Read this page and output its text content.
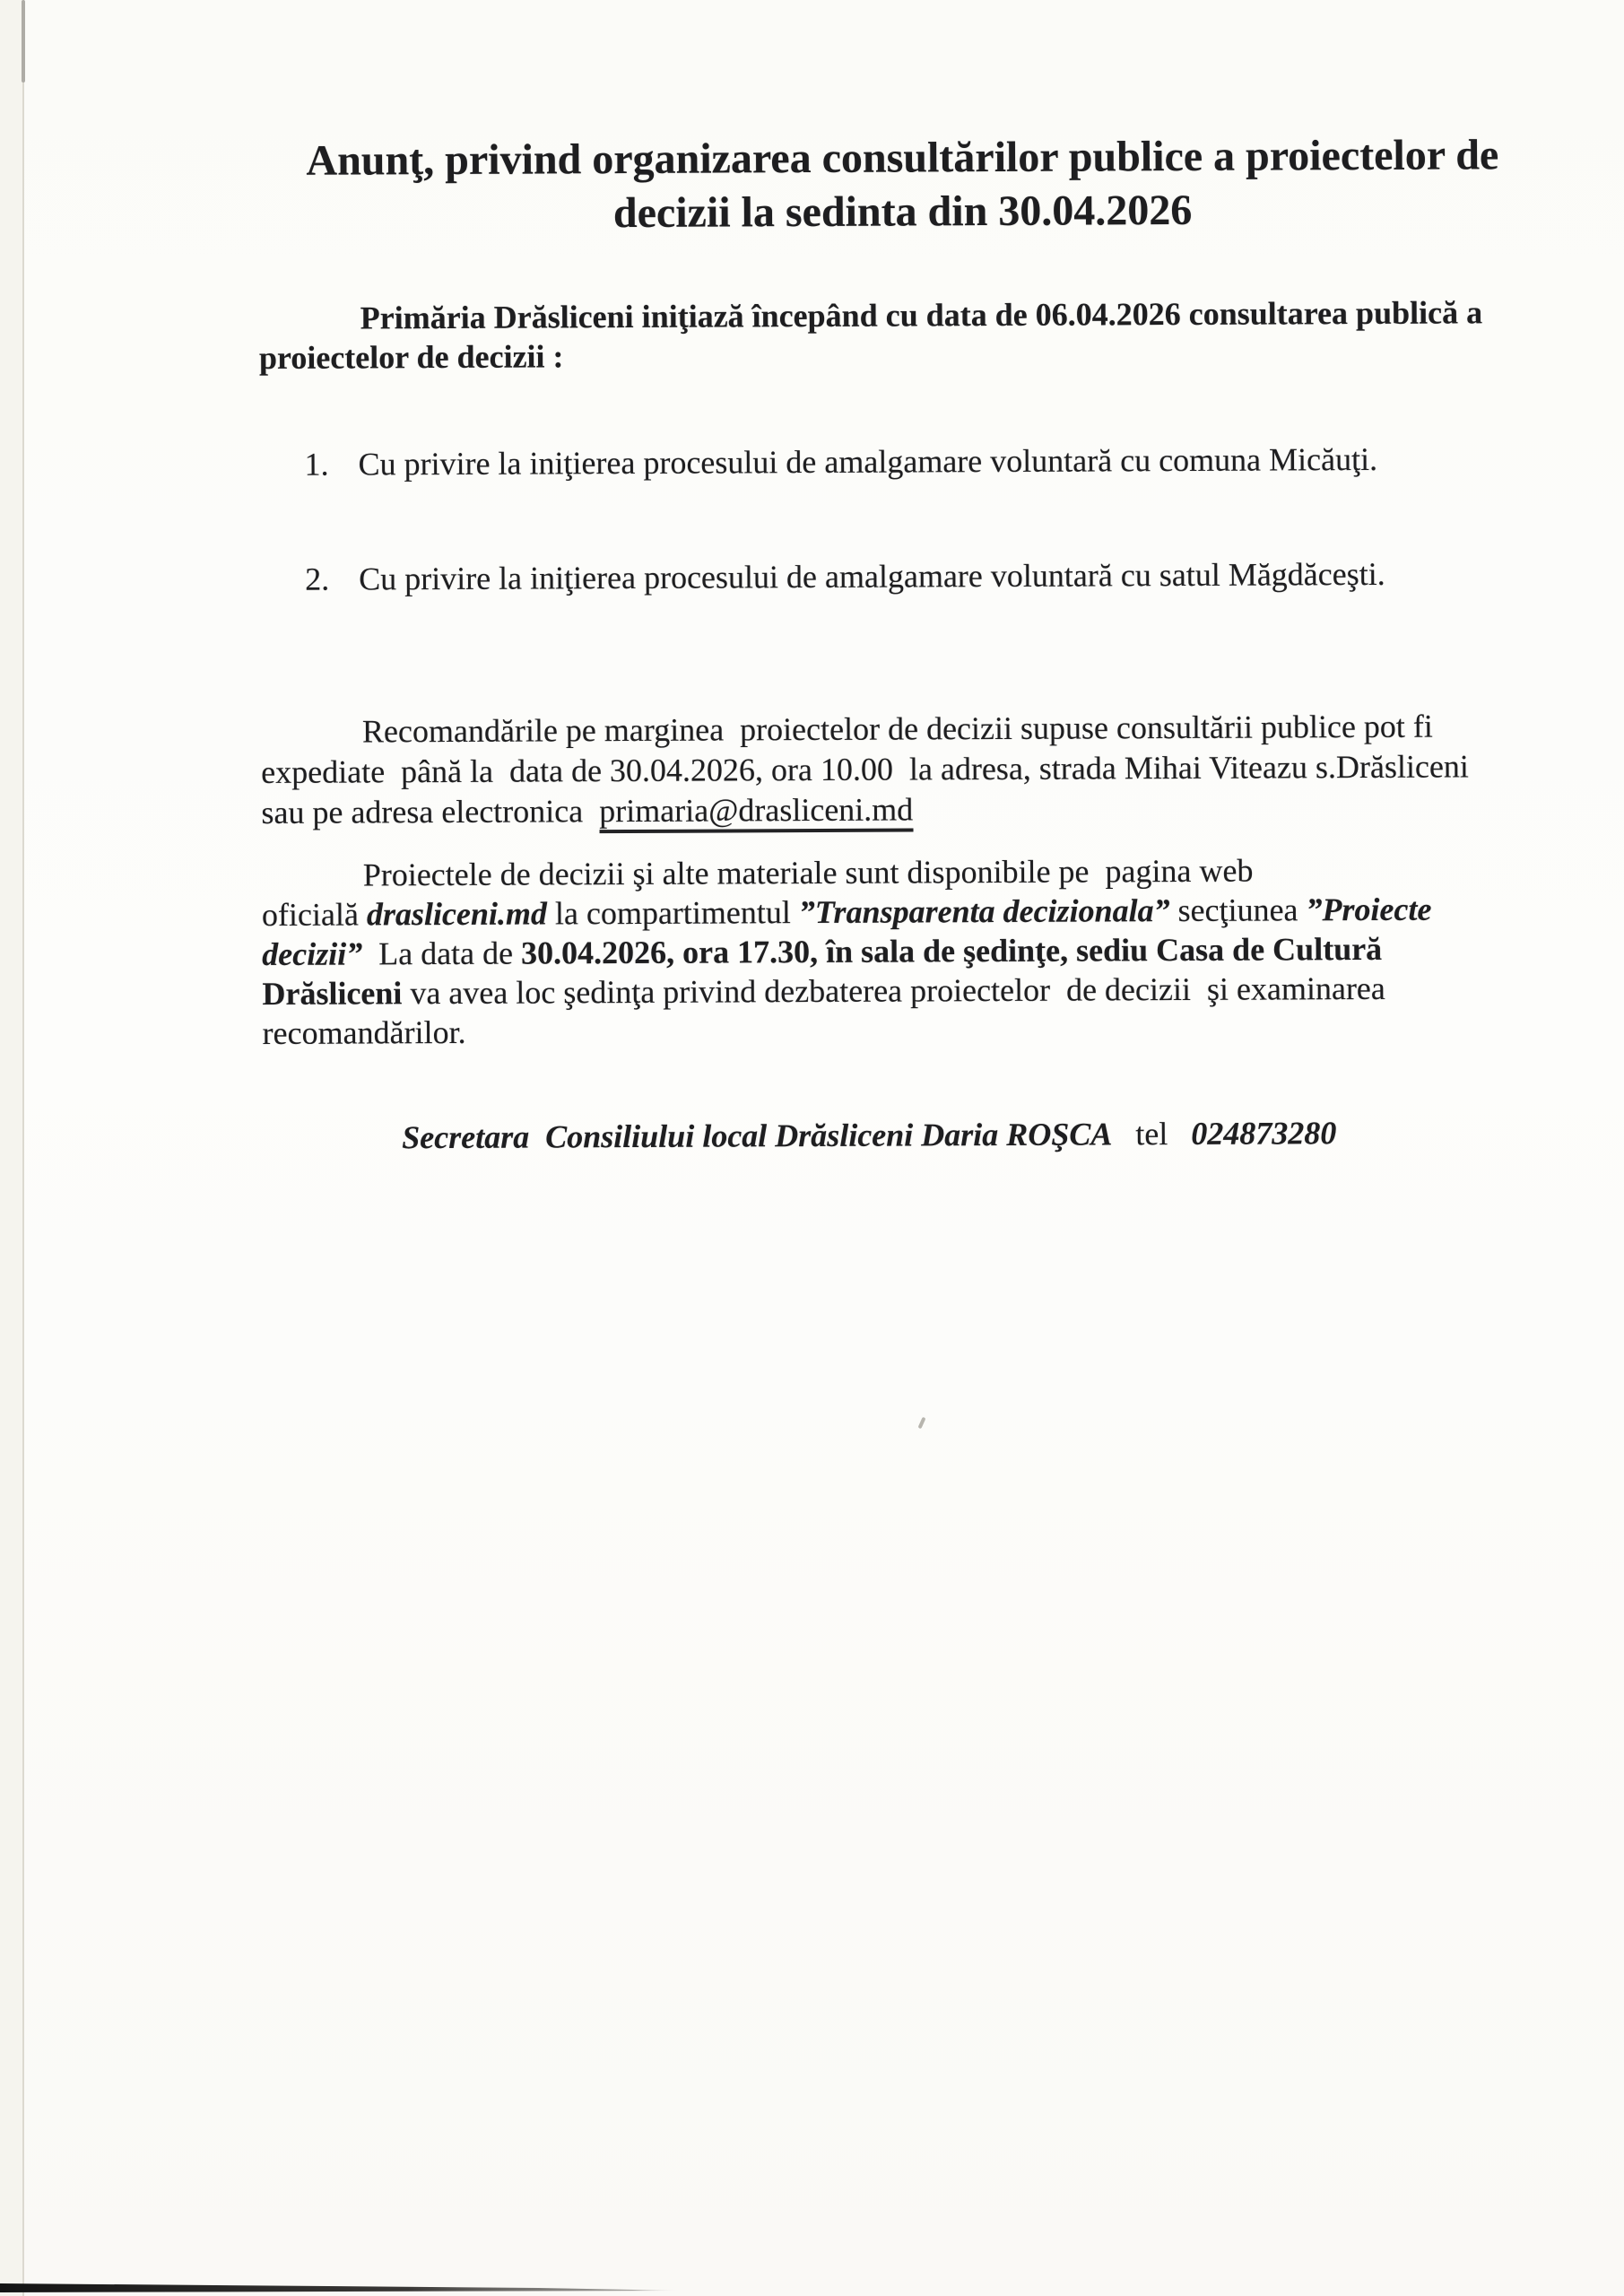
Anunţ, privind organizarea consultărilor publice a proiectelor de
decizii la sedinta din 30.04.2026
Primăria Drăsliceni iniţiază începând cu data de 06.04.2026 consultarea publică a
proiectelor de decizii :
1. Cu privire la iniţierea procesului de amalgamare voluntară cu comuna Micăuţi.
2. Cu privire la iniţierea procesului de amalgamare voluntară cu satul Măgdăceşti.
Recomandările pe marginea  proiectelor de decizii supuse consultării publice pot fi
expediate  până la  data de 30.04.2026, ora 10.00  la adresa, strada Mihai Viteazu s.Drăsliceni
sau pe adresa electronica  primaria@drasliceni.md
Proiectele de decizii şi alte materiale sunt disponibile pe  pagina web
oficială drasliceni.md la compartimentul ”Transparenta decizionala” secţiunea ”Proiecte
decizii”  La data de 30.04.2026, ora 17.30, în sala de şedinţe, sediu Casa de Cultură
Drăsliceni va avea loc şedinţa privind dezbaterea proiectelor  de decizii  şi examinarea
recomandărilor.

Secretara  Consiliului local Drăsliceni Daria ROŞCA tel 024873280
